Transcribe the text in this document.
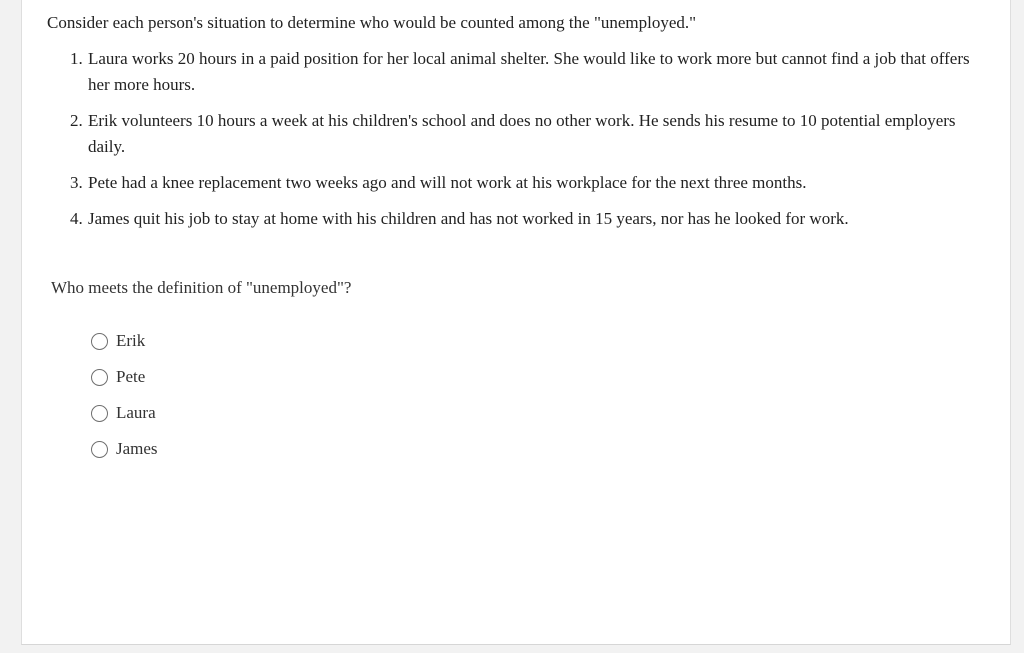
Consider each person's situation to determine who would be counted among the "unemployed."

1. Laura works 20 hours in a paid position for her local animal shelter. She would like to work more but cannot find a job that offers her more hours.
2. Erik volunteers 10 hours a week at his children's school and does no other work. He sends his resume to 10 potential employers daily.
3. Pete had a knee replacement two weeks ago and will not work at his workplace for the next three months.
4. James quit his job to stay at home with his children and has not worked in 15 years, nor has he looked for work.

Who meets the definition of "unemployed"?

Erik
Pete
Laura
James
